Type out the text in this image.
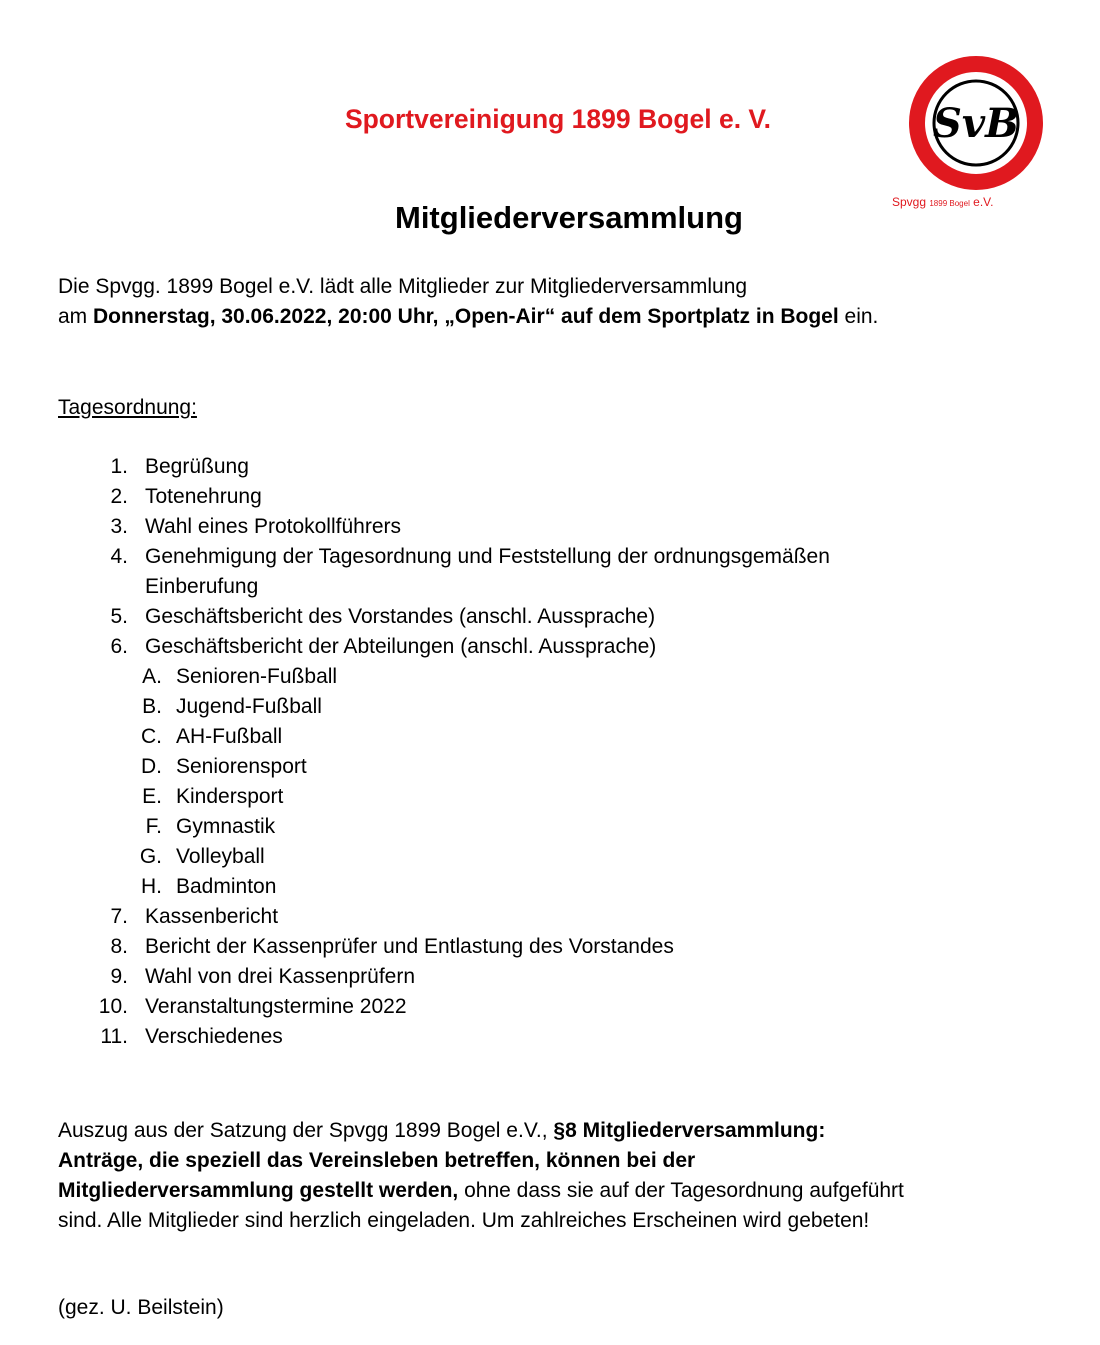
Sportvereinigung 1899 Bogel e. V.	SvB
Spvgg 1899 Bogel e.V.
Mitgliederversammlung
Die Spvgg. 1899 Bogel e.V. lädt alle Mitglieder zur Mitgliederversammlung
am Donnerstag, 30.06.2022, 20:00 Uhr, „Open-Air“ auf dem Sportplatz in Bogel ein.
Tagesordnung:
1. Begrüßung
2. Totenehrung
3. Wahl eines Protokollführers
4. Genehmigung der Tagesordnung und Feststellung der ordnungsgemäßen
Einberufung
5. Geschäftsbericht des Vorstandes (anschl. Aussprache)
6. Geschäftsbericht der Abteilungen (anschl. Aussprache)
A. Senioren-Fußball
B. Jugend-Fußball
C. AH-Fußball
D. Seniorensport
E. Kindersport
F. Gymnastik
G. Volleyball
H. Badminton
7. Kassenbericht
8. Bericht der Kassenprüfer und Entlastung des Vorstandes
9. Wahl von drei Kassenprüfern
10. Veranstaltungstermine 2022
11. Verschiedenes
Auszug aus der Satzung der Spvgg 1899 Bogel e.V., §8 Mitgliederversammlung:
Anträge, die speziell das Vereinsleben betreffen, können bei der
Mitgliederversammlung gestellt werden, ohne dass sie auf der Tagesordnung aufgeführt
sind. Alle Mitglieder sind herzlich eingeladen. Um zahlreiches Erscheinen wird gebeten!
(gez. U. Beilstein)
